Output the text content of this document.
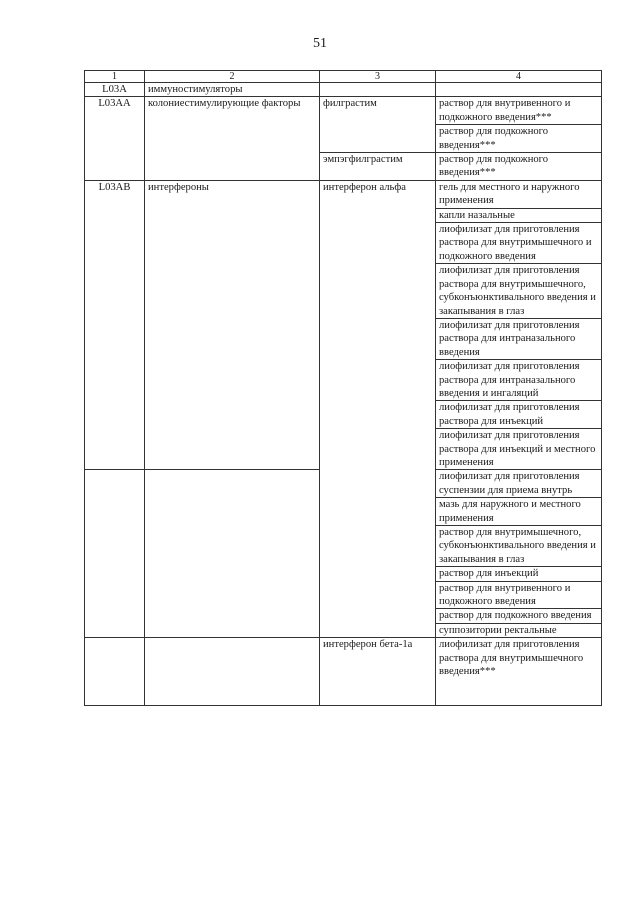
51
1	2	3	4
L03A	иммуностимуляторы		
L03AA	колониестимулирующие факторы	филграстим	раствор для внутривенного и подкожного введения***
			раствор для подкожного введения***
		эмпэгфилграстим	раствор для подкожного введения***
L03AB	интерфероны	интерферон альфа	гель для местного и наружного применения
			капли назальные
			лиофилизат для приготовления раствора для внутримышечного и подкожного введения
			лиофилизат для приготовления раствора для внутримышечного, субконъюнктивального введения и закапывания в глаз
			лиофилизат для приготовления раствора для интраназального введения
			лиофилизат для приготовления раствора для интраназального введения и ингаляций
			лиофилизат для приготовления раствора для инъекций
			лиофилизат для приготовления раствора для инъекций и местного применения
			лиофилизат для приготовления суспензии для приема внутрь
			мазь для наружного и местного применения
			раствор для внутримышечного, субконъюнктивального введения и закапывания в глаз
			раствор для инъекций
			раствор для внутривенного и подкожного введения
			раствор для подкожного введения
			суппозитории ректальные
		интерферон бета-1a	лиофилизат для приготовления раствора для внутримышечного введения***
